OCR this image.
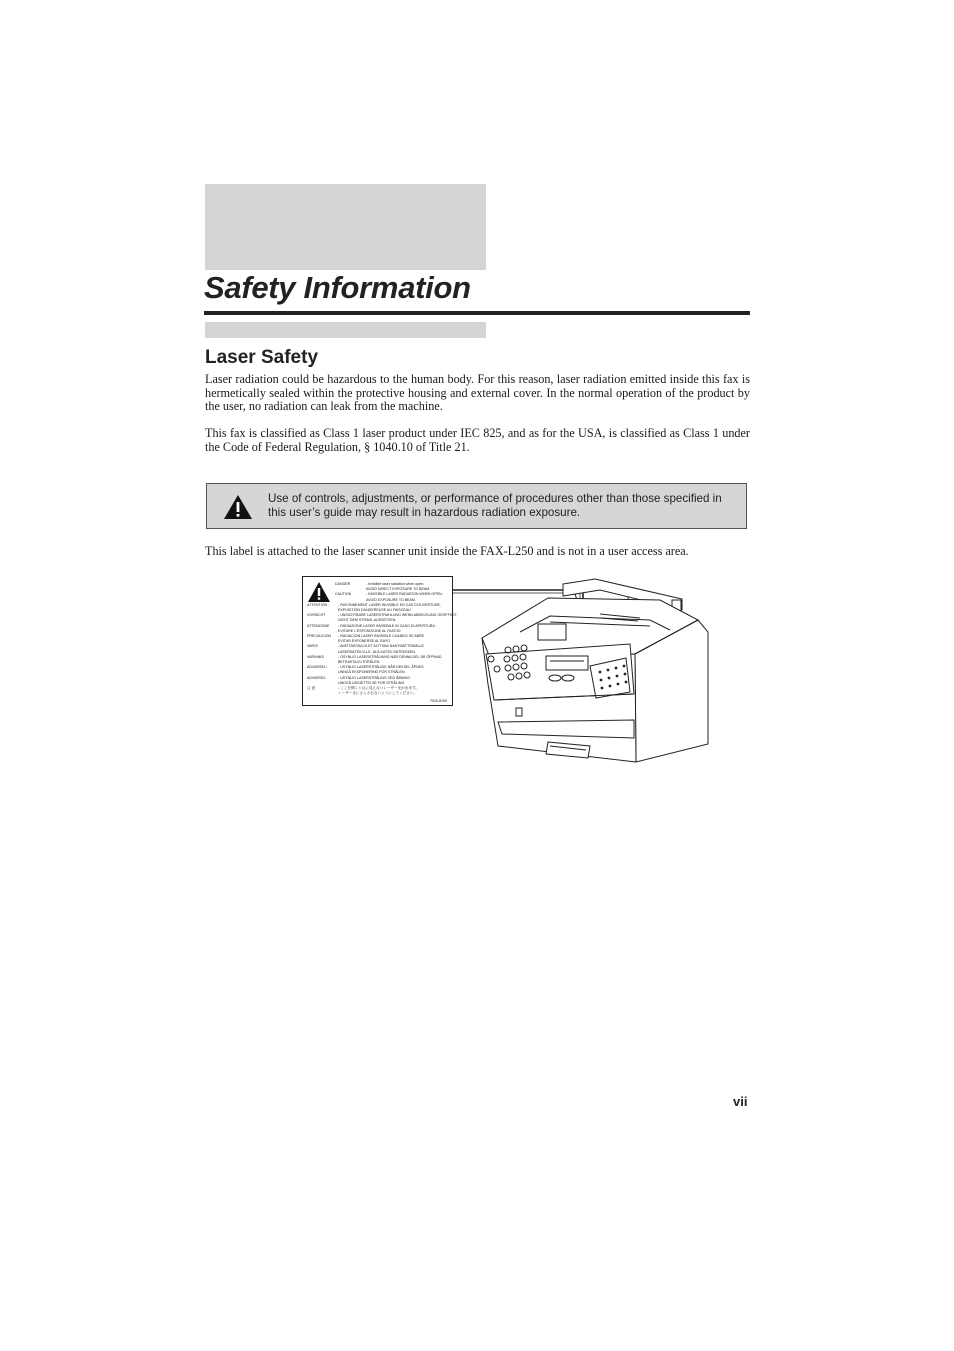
Safety Information
Laser Safety

Laser radiation could be hazardous to the human body. For this reason, laser radiation emitted inside this fax is hermetically sealed within the protective housing and external cover. In the normal operation of the product by the user, no radiation can leak from the machine.

This fax is classified as Class 1 laser product under IEC 825, and as for the USA, is classified as Class 1 under the Code of Federal Regulation, § 1040.10 of Title 21.

Use of controls, adjustments, or performance of procedures other than those specified in this user’s guide may result in hazardous radiation exposure.

This label is attached to the laser scanner unit inside the FAX-L250 and is not in a user access area.

DANGER	- Invisible laser radiation when open.
AVOID DIRECT EXPOSURE TO BEAM.
CAUTION	- INVISIBLE LASER RADIATION WHEN OPEN.
AVOID EXPOSURE TO BEAM.
ATTENTION	- RAYONNEMENT LASER INVISIBLE EN CAS D'OUVERTURE,
EXPOSITION DANGEREUSE AU FAISCEAU.
VORSICHT	- UNSICHTBARE LASERSTRAHLUNG WENN ABDECKUNG GEÖFFNET.
NICHT DEM STRAHL AUSSETZEN.
ATTENZIONE - RADIAZIONE LASER INVISIBILE IN CASO DI APERTURA.
EVITARE L'ESPOSIZIONE AL FASCIO.
PRECAUCION - RADIACION LASER INVISIBLE CUANDO SE ABRE.
EVITAR EXPONERSE AL RAYO.
VARO!	- AVATTAESSA OLET ALTTIINA NÄKYMÄTTÖMÄLLE
LASERSÄTEILYLLE. ÄLÄ KATSO SÄTEESEEN.
VARNING!	- OSYNLIG LASERSTRÅLNING NÄR DENNA DEL ÄR ÖPPNAD.
BETRAKTA EJ STRÅLEN.
ADVARSEL!	- USYNLIG LASERSTRÅLING NÅR DEKSEL ÅPNES.
UNNGÅ EKSPONERING FOR STRÅLEN.
ADVARSEL	- USYNLIG LASERSTRÅLING VED ÅBNING.
UNDGÅ UDSÆTTELSE FOR STRÅLING.
注 意	- ここを開くと目に見えないレーザー光が出ます。
レーザー光にさらされないようにしてください。
RG5-8199

vii
